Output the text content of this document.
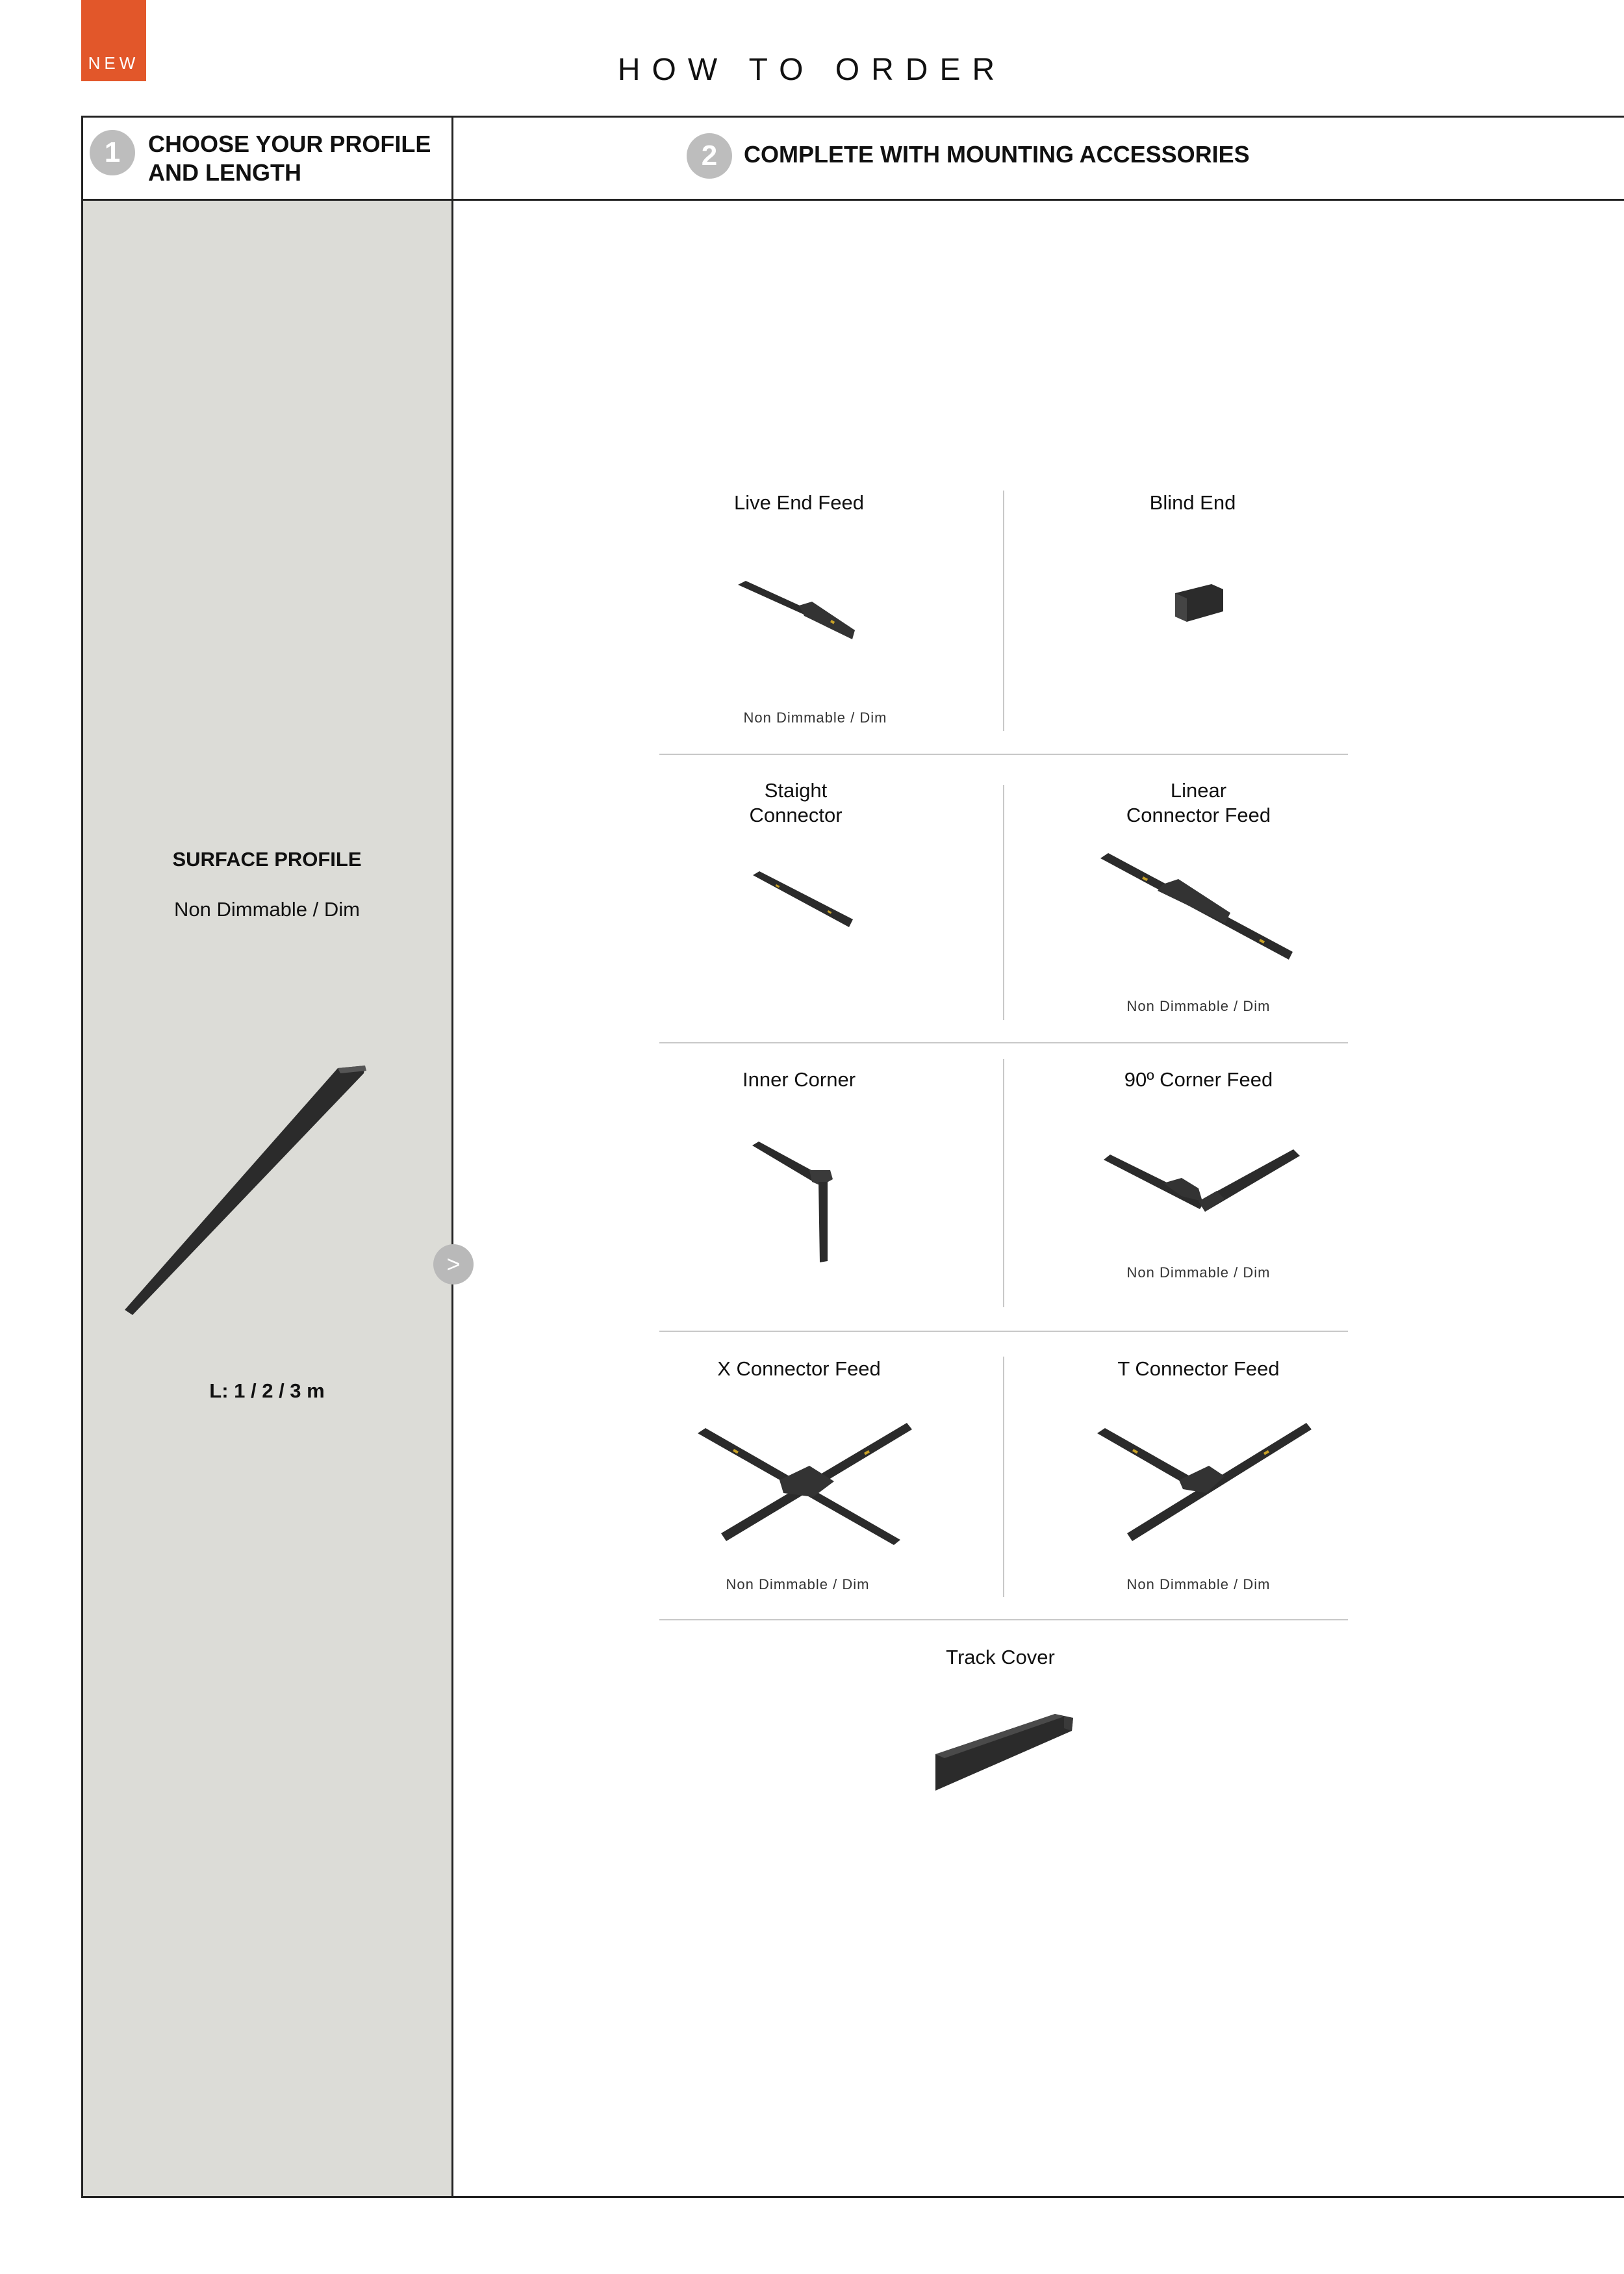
NEW	HOW TO ORDER
1	CHOOSE YOUR PROFILE
AND LENGTH
2	COMPLETE WITH MOUNTING ACCESSORIES
SURFACE PROFILE
Non Dimmable / Dim
L: 1 / 2 / 3 m
>
Live End Feed
Non Dimmable / Dim
Blind End
Staight
Connector
Linear
Connector Feed
Non Dimmable / Dim
Inner Corner	90º Corner Feed
Non Dimmable / Dim
X Connector Feed
Non Dimmable / Dim
T Connector Feed
Non Dimmable / Dim
Track Cover
